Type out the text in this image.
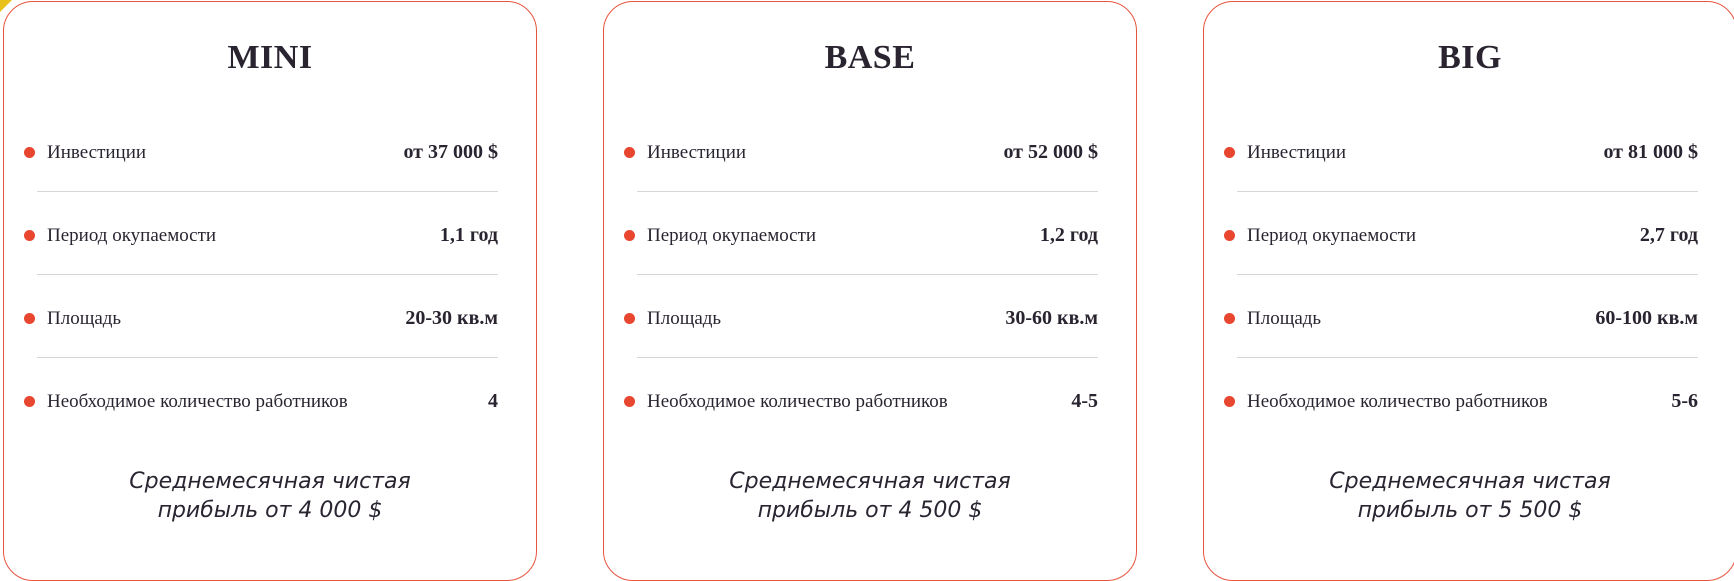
MINI
Инвестиции	от 37 000 $
Период окупаемости	1,1 год
Площадь	20-30 кв.м
Необходимое количество работников	4
Среднемесячная чистая
прибыль от 4 000 $
BASE
Инвестиции	от 52 000 $
Период окупаемости	1,2 год
Площадь	30-60 кв.м
Необходимое количество работников	4-5
Среднемесячная чистая
прибыль от 4 500 $
BIG
Инвестиции	от 81 000 $
Период окупаемости	2,7 год
Площадь	60-100 кв.м
Необходимое количество работников	5-6
Среднемесячная чистая
прибыль от 5 500 $
